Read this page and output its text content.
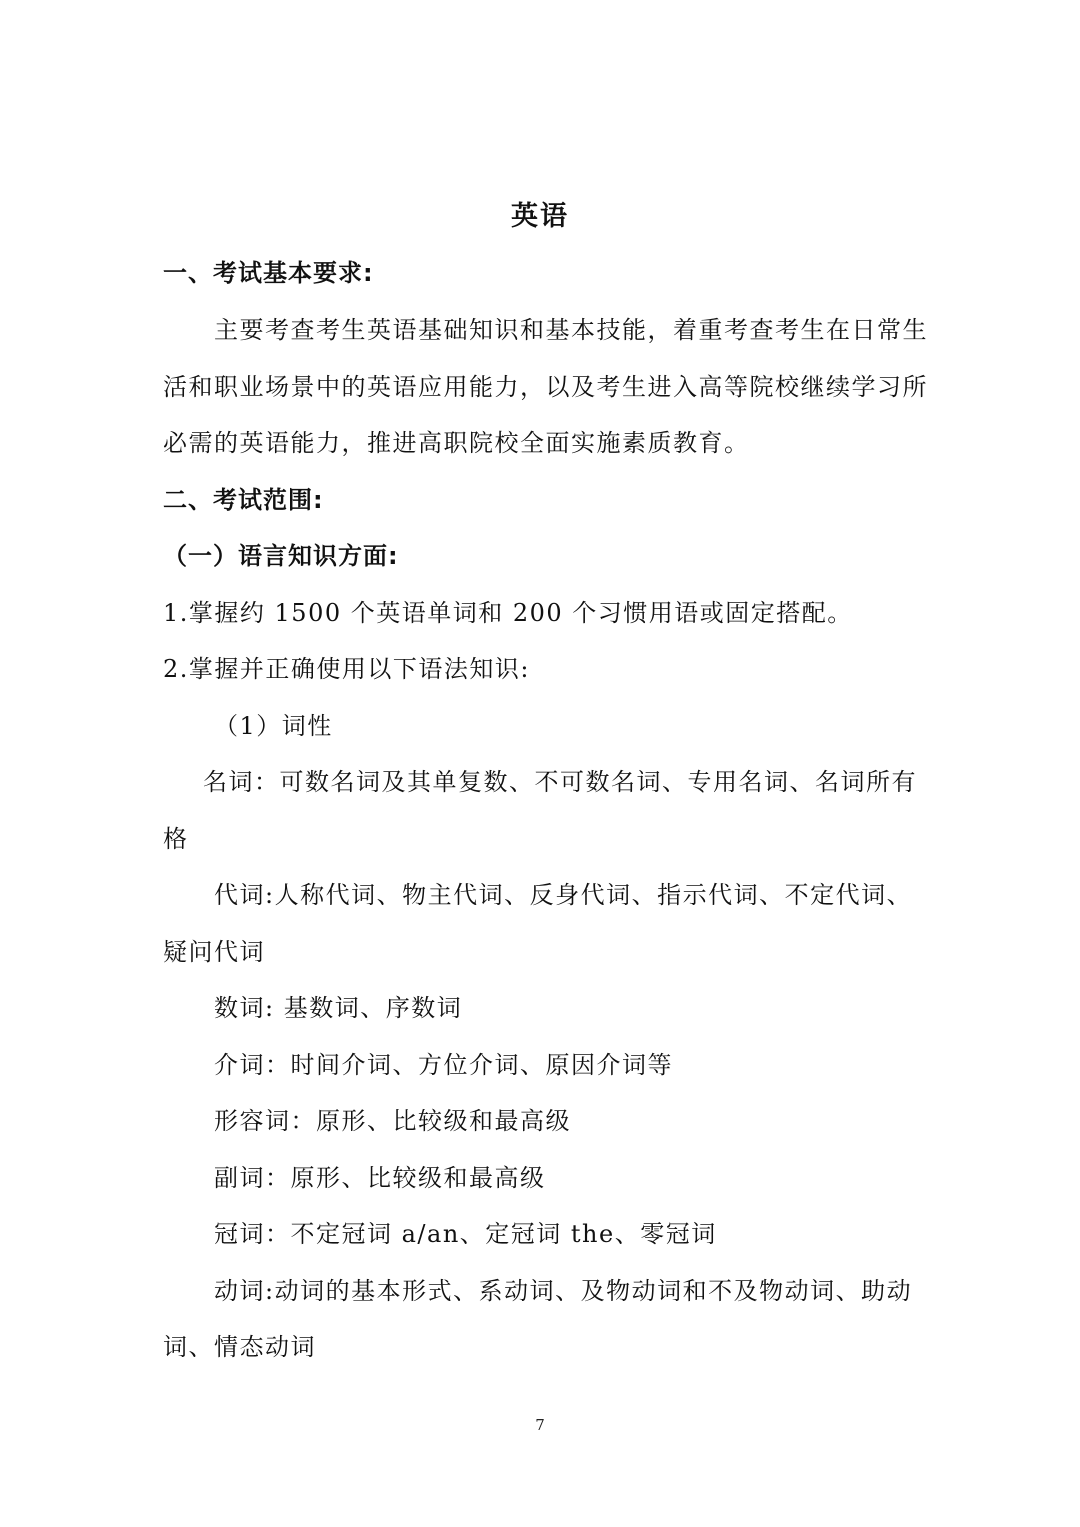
英语
一、考试基本要求:
主要考查考生英语基础知识和基本技能，着重考查考生在日常生
活和职业场景中的英语应用能力，以及考生进入高等院校继续学习所
必需的英语能力，推进高职院校全面实施素质教育。
二、考试范围:
（一）语言知识方面:
1.掌握约 1500 个英语单词和 200 个习惯用语或固定搭配。
2.掌握并正确使用以下语法知识:
（1）词性
名词：可数名词及其单复数、不可数名词、专用名词、名词所有
格
代词:人称代词、物主代词、反身代词、指示代词、不定代词、
疑问代词
数词: 基数词、序数词
介词：时间介词、方位介词、原因介词等
形容词：原形、比较级和最高级
副词：原形、比较级和最高级
冠词：不定冠词 a/an、定冠词 the、零冠词
动词:动词的基本形式、系动词、及物动词和不及物动词、助动
词、情态动词
7
